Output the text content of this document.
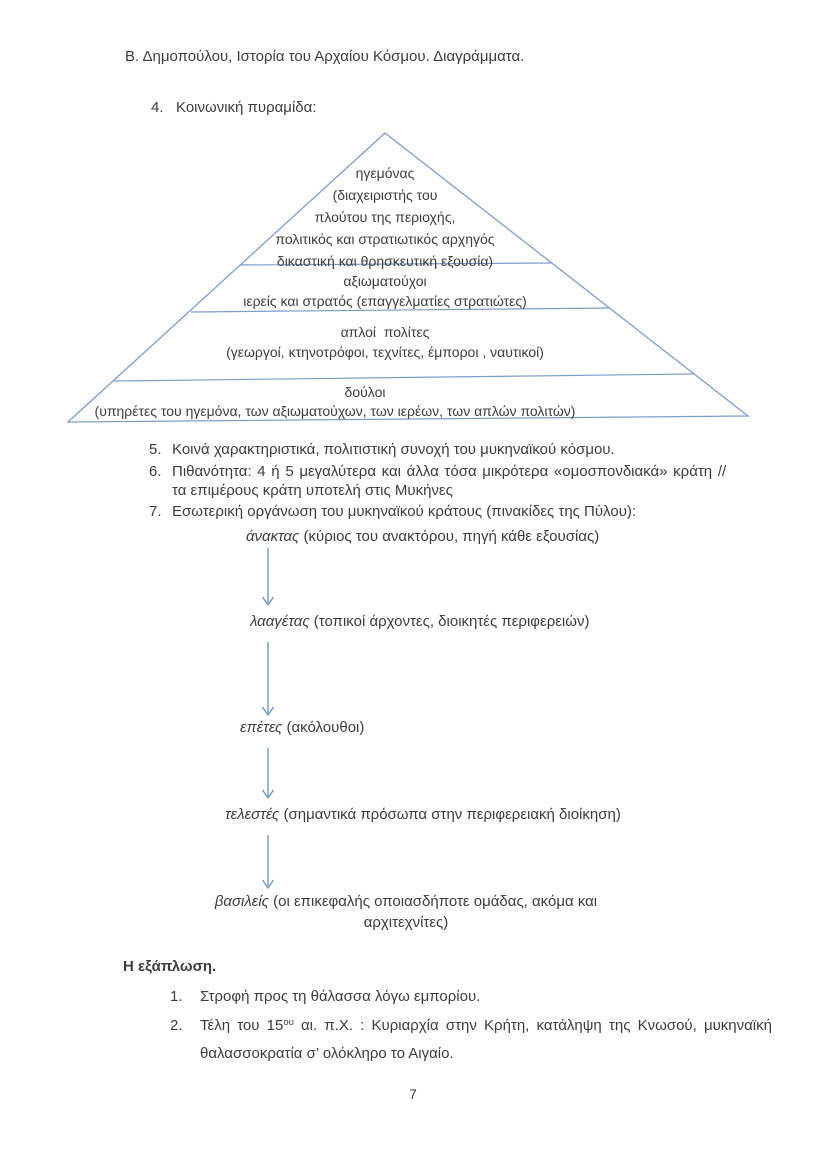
Β. Δημοπούλου, Ιστορία του Αρχαίου Κόσμου. Διαγράμματα.
4. Κοινωνική πυραμίδα:
ηγεμόνας
(διαχειριστής του
πλούτου της περιοχής,
πολιτικός και στρατιωτικός αρχηγός
δικαστική και θρησκευτική εξουσία)
αξιωματούχοι
ιερείς και στρατός (επαγγελματίες στρατιώτες)
απλοί  πολίτες
(γεωργοί, κτηνοτρόφοι, τεχνίτες, έμποροι , ναυτικοί)
δούλοι
(υπηρέτες του ηγεμόνα, των αξιωματούχων, των ιερέων, των απλών πολιτών)
5. Κοινά χαρακτηριστικά, πολιτιστική συνοχή του μυκηναϊκού κόσμου.
6. Πιθανότητα: 4 ή 5 μεγαλύτερα και άλλα τόσα μικρότερα «ομοσπονδιακά» κράτη //
τα επιμέρους κράτη υποτελή στις Μυκήνες
7. Εσωτερική οργάνωση του μυκηναϊκού κράτους (πινακίδες της Πύλου):
άνακτας (κύριος του ανακτόρου, πηγή κάθε εξουσίας)
λααγέτας (τοπικοί άρχοντες, διοικητές περιφερειών)
επέτες (ακόλουθοι)
τελεστές (σημαντικά πρόσωπα στην περιφερειακή διοίκηση)
βασιλείς (οι επικεφαλής οποιασδήποτε ομάδας, ακόμα και αρχιτεχνίτες)
Η εξάπλωση.
1. Στροφή προς τη θάλασσα λόγω εμπορίου.
2. Τέλη του $15^{o\upsilon}$ αι. π.Χ. : Κυριαρχία στην Κρήτη, κατάληψη της Κνωσού, μυκηναϊκή
θαλασσοκρατία σ’ ολόκληρο το Αιγαίο.
7
